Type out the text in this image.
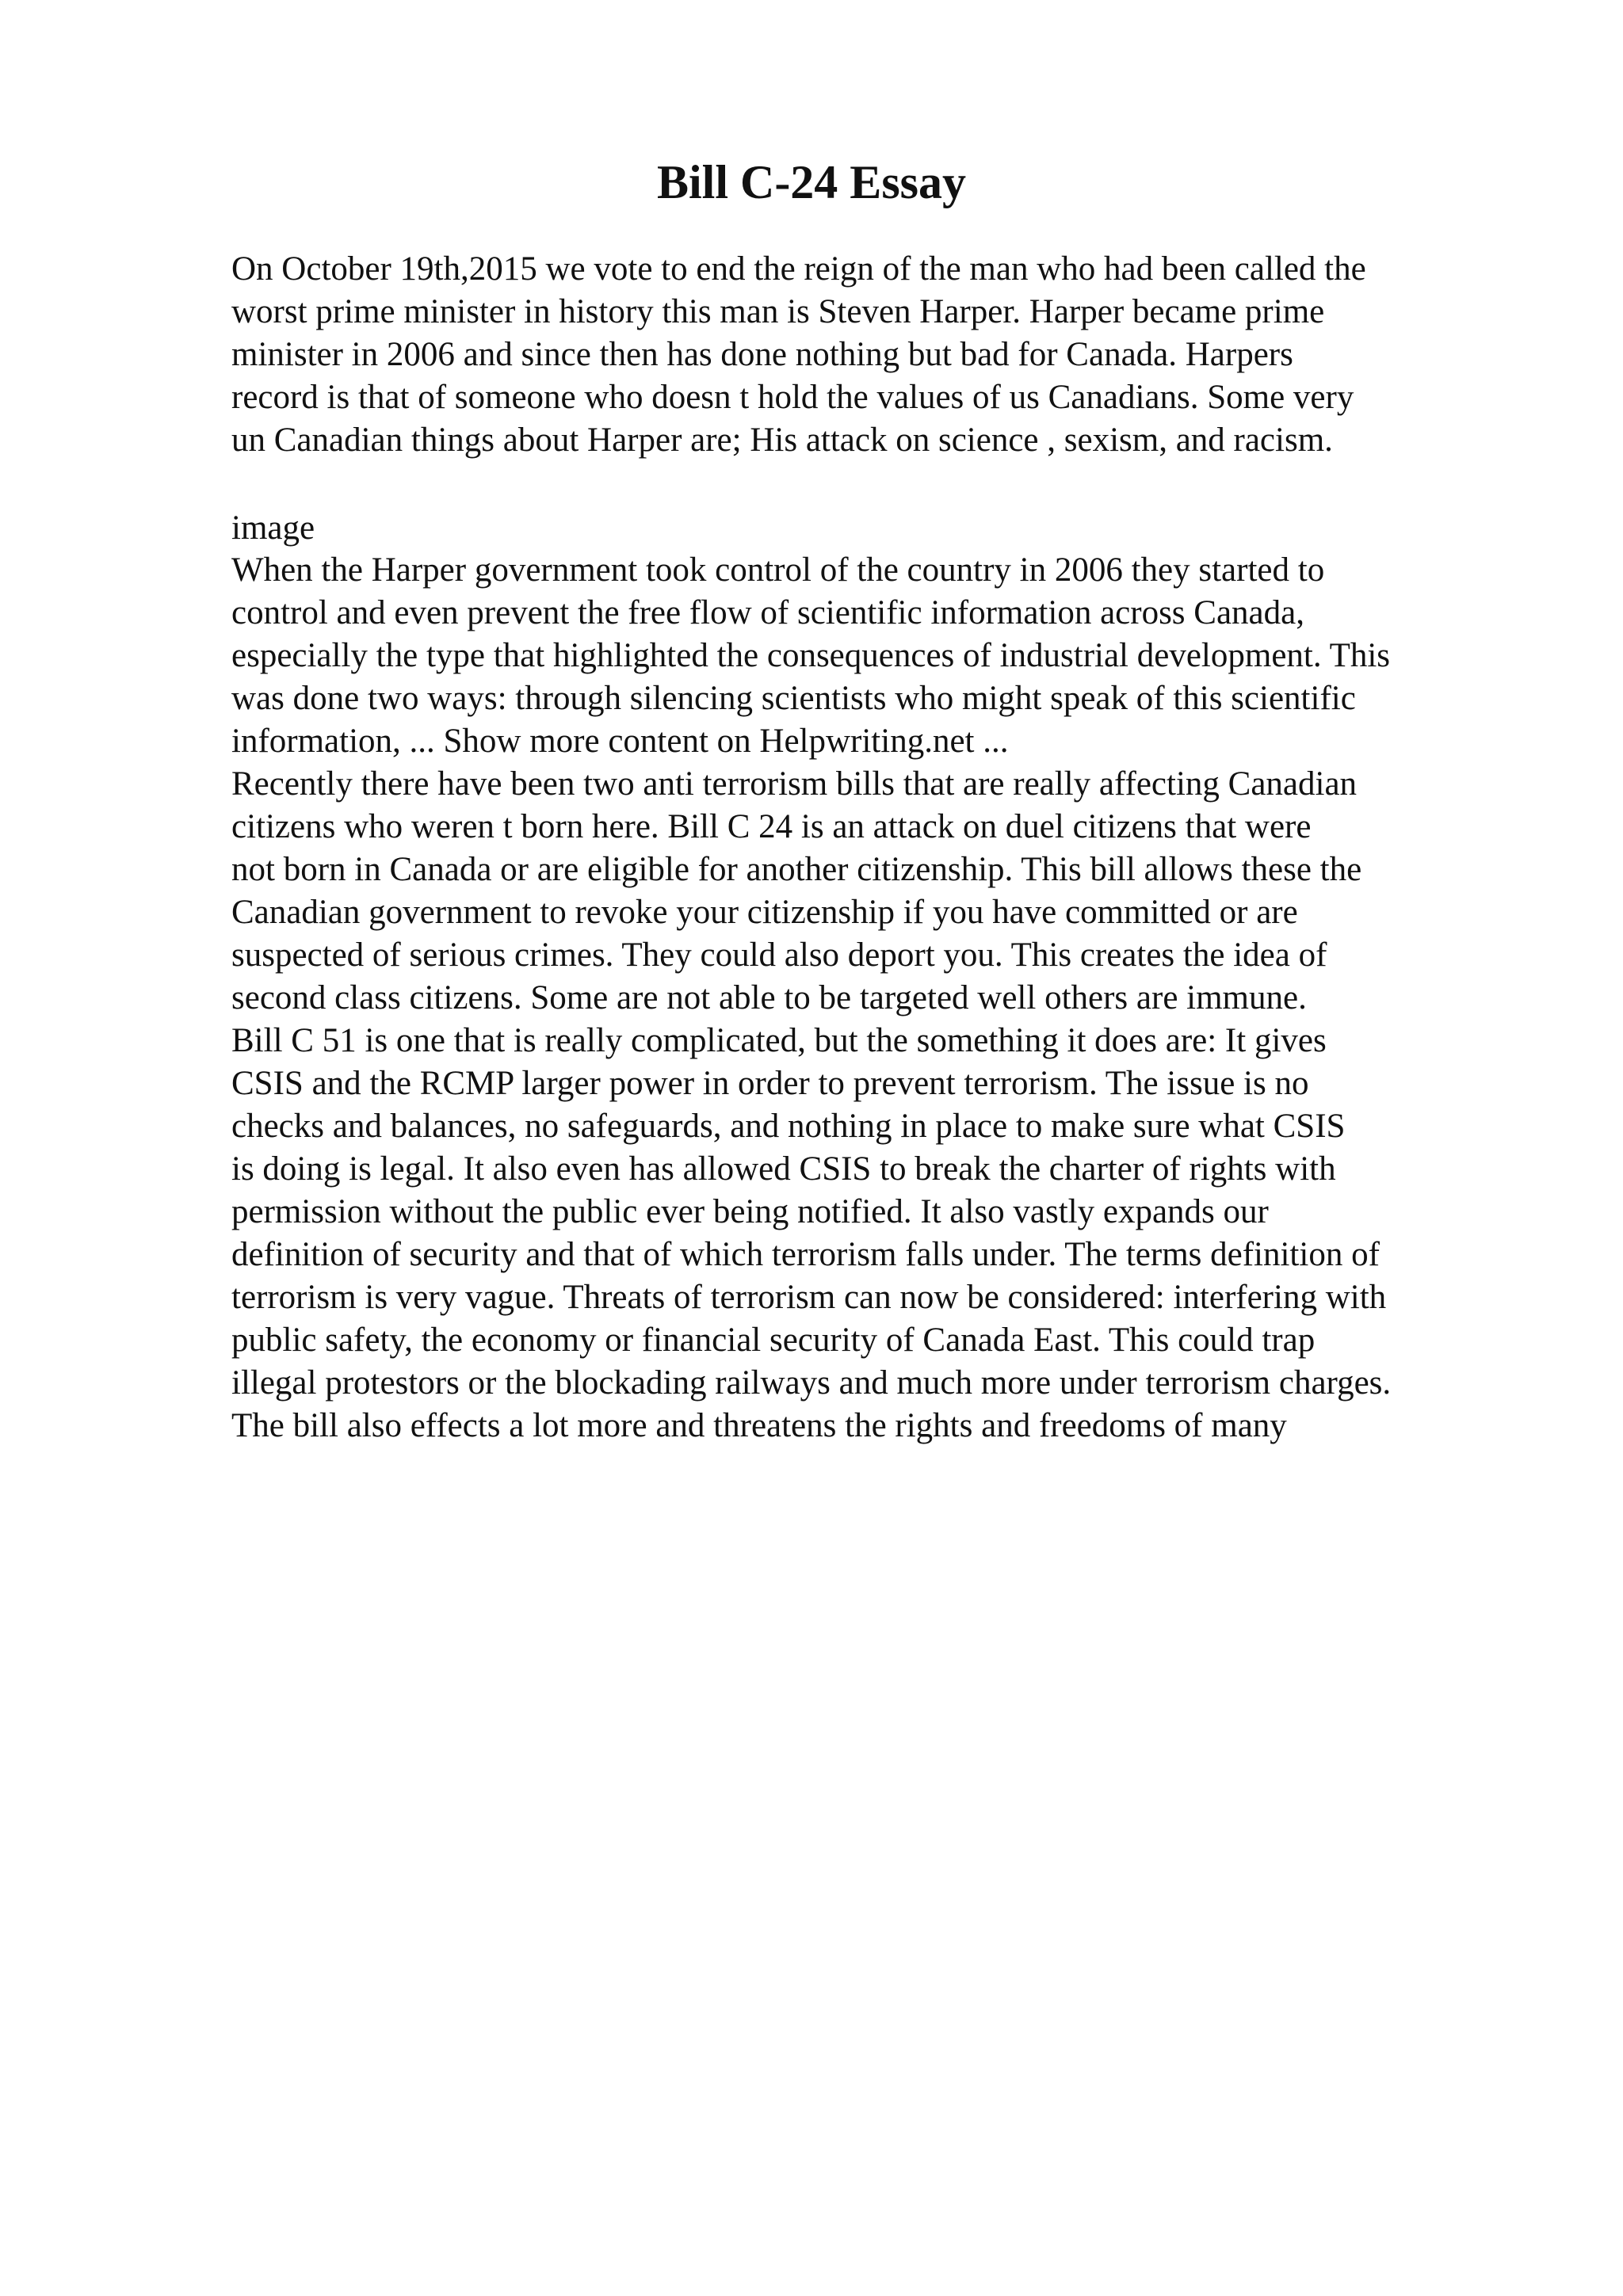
Bill C-24 Essay

On October 19th,2015 we vote to end the reign of the man who had been called the

worst prime minister in history this man is Steven Harper. Harper became prime

minister in 2006 and since then has done nothing but bad for Canada. Harpers

record is that of someone who doesn t hold the values of us Canadians. Some very

un Canadian things about Harper are; His attack on science , sexism, and racism.

image

When the Harper government took control of the country in 2006 they started to

control and even prevent the free flow of scientific information across Canada,

especially the type that highlighted the consequences of industrial development. This

was done two ways: through silencing scientists who might speak of this scientific

information, ... Show more content on Helpwriting.net ...

Recently there have been two anti terrorism bills that are really affecting Canadian

citizens who weren t born here. Bill C 24 is an attack on duel citizens that were

not born in Canada or are eligible for another citizenship. This bill allows these the

Canadian government to revoke your citizenship if you have committed or are

suspected of serious crimes. They could also deport you. This creates the idea of

second class citizens. Some are not able to be targeted well others are immune.

Bill C 51 is one that is really complicated, but the something it does are: It gives

CSIS and the RCMP larger power in order to prevent terrorism. The issue is no

checks and balances, no safeguards, and nothing in place to make sure what CSIS

is doing is legal. It also even has allowed CSIS to break the charter of rights with

permission without the public ever being notified. It also vastly expands our

definition of security and that of which terrorism falls under. The terms definition of

terrorism is very vague. Threats of terrorism can now be considered: interfering with

public safety, the economy or financial security of Canada East. This could trap

illegal protestors or the blockading railways and much more under terrorism charges.

The bill also effects a lot more and threatens the rights and freedoms of many
